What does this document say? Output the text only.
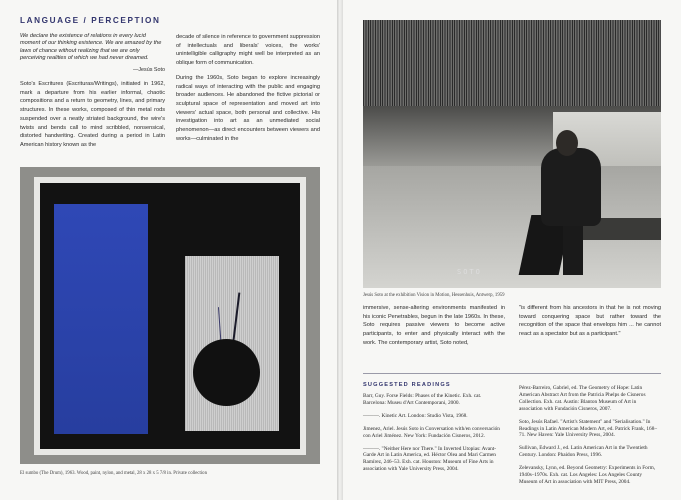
LANGUAGE / PERCEPTION
We declare the existence of relations in every lucid moment of our thinking existence. We are amazed by the laws of chance without realizing that we are only perceiving realities of which we had never dreamed.
—Jesús Soto
Soto's Escritures (Escrituras/Writings), initiated in 1962, mark a departure from his earlier informal, chaotic compositions and a return to geometry, lines, and primary structures. In these works, composed of thin metal rods suspended over a neatly striated background, the wire's twists and bends call to mind scribbled, nonsensical, distorted handwriting. Created during a period in Latin American history known as the
decade of silence in reference to government suppression of intellectuals and liberals' voices, the works' unintelligible calligraphy might well be interpreted as an oblique form of communication.
During the 1960s, Soto began to explore increasingly radical ways of interacting with the public and engaging broader audiences. He abandoned the fictive pictorial or sculptural space of representation and moved art into viewers' actual space, both personal and collective. His investigation into art as an unmediated social phenomenon—as direct encounters between viewers and works—culminated in the
El sumbo (The Drum), 1963. Wood, paint, nylon, and metal, 28 x 28 x 5 7/8 in. Private collection
SOTO
Jesús Soto at the exhibition Vision in Motion, Hessenhuis, Antwerp, 1959
immersive, sense-altering environments manifested in his iconic Penetrables, begun in the late 1960s. In these, Soto requires passive viewers to become active participants, to enter and physically interact with the work. The contemporary artist, Soto noted,
"is different from his ancestors in that he is not moving toward conquering space but rather toward the recognition of the space that envelops him ... he cannot react as a spectator but as a participant."
SUGGESTED READINGS

Barr, Guy. Forse Fields: Phases of the Kinetic. Exh. cat. Barcelona: Museu d'Art Contemporani, 2000.

———. Kinetic Art. London: Studio Vista, 1968.

Jimenez, Ariel. Jesús Soto in Conversation with/en conversación con Ariel Jiménez. New York: Fundación Cisneros, 2012.

———. "Neither Here nor There." In Inverted Utopias: Avant-Garde Art in Latin America, ed. Héctor Olea and Mari Carmen Ramírez, 246–53. Exh. cat. Houston: Museum of Fine Arts in association with Yale University Press, 2004.

Pérez-Barreiro, Gabriel, ed. The Geometry of Hope: Latin American Abstract Art from the Patricia Phelps de Cisneros Collection. Exh. cat. Austin: Blanton Museum of Art in association with Fundación Cisneros, 2007.

Soto, Jesús Rafael. "Artist's Statement" and "Serialisation." In Readings in Latin American Modern Art, ed. Patrick Frank, 168–71. New Haven: Yale University Press, 2004.

Sullivan, Edward J., ed. Latin American Art in the Twentieth Century. London: Phaidon Press, 1996.

Zelevansky, Lynn, ed. Beyond Geometry: Experiments in Form, 1940s–1970s. Exh. cat. Los Angeles: Los Angeles County Museum of Art in association with MIT Press, 2004.
